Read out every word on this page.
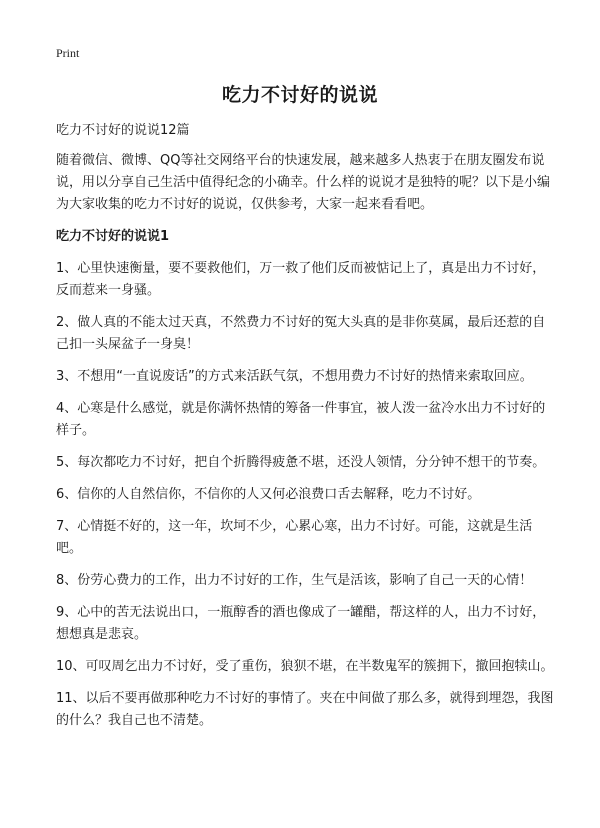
Print
吃力不讨好的说说

吃力不讨好的说说12篇

随着微信、微博、QQ等社交网络平台的快速发展，越来越多人热衷于在朋友圈发布说说，用以分享自己生活中值得纪念的小确幸。什么样的说说才是独特的呢？以下是小编为大家收集的吃力不讨好的说说，仅供参考，大家一起来看看吧。

吃力不讨好的说说1

1、心里快速衡量，要不要救他们，万一救了他们反而被惦记上了，真是出力不讨好，反而惹来一身骚。

2、做人真的不能太过天真，不然费力不讨好的冤大头真的是非你莫属，最后还惹的自己扣一头屎盆子一身臭！

3、不想用“一直说废话”的方式来活跃气氛，不想用费力不讨好的热情来索取回应。

4、心寒是什么感觉，就是你满怀热情的筹备一件事宜，被人泼一盆冷水出力不讨好的样子。

5、每次都吃力不讨好，把自个折腾得疲惫不堪，还没人领情，分分钟不想干的节奏。

6、信你的人自然信你，不信你的人又何必浪费口舌去解释，吃力不讨好。

7、心情挺不好的，这一年，坎坷不少，心累心寒，出力不讨好。可能，这就是生活吧。

8、份劳心费力的工作，出力不讨好的工作，生气是活该，影响了自己一天的心情！

9、心中的苦无法说出口，一瓶醇香的酒也像成了一罐醋，帮这样的人，出力不讨好，想想真是悲哀。

10、可叹周乞出力不讨好，受了重伤，狼狈不堪，在半数鬼军的簇拥下，撤回抱犊山。

11、以后不要再做那种吃力不讨好的事情了。夹在中间做了那么多，就得到埋怨，我图的什么？我自己也不清楚。
